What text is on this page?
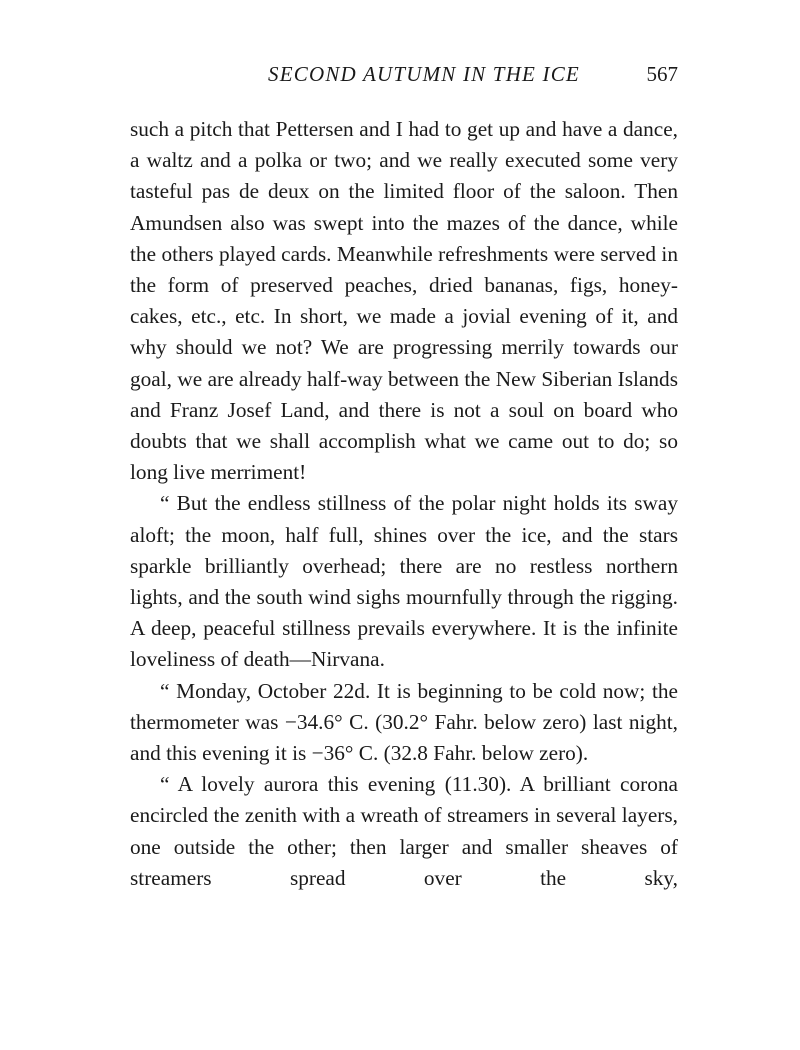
SECOND AUTUMN IN THE ICE	567

such a pitch that Pettersen and I had to get up and have a dance, a waltz and a polka or two; and we really executed some very tasteful pas de deux on the limited floor of the saloon. Then Amundsen also was swept into the mazes of the dance, while the others played cards. Meanwhile refreshments were served in the form of preserved peaches, dried bananas, figs, honey-cakes, etc., etc. In short, we made a jovial evening of it, and why should we not? We are progressing merrily towards our goal, we are already half-way between the New Siberian Islands and Franz Josef Land, and there is not a soul on board who doubts that we shall accomplish what we came out to do; so long live merriment!

“ But the endless stillness of the polar night holds its sway aloft; the moon, half full, shines over the ice, and the stars sparkle brilliantly overhead; there are no restless northern lights, and the south wind sighs mournfully through the rigging. A deep, peaceful stillness prevails everywhere. It is the infinite loveliness of death—Nirvana.

“ Monday, October 22d. It is beginning to be cold now; the thermometer was −34.6° C. (30.2° Fahr. below zero) last night, and this evening it is −36° C. (32.8 Fahr. below zero).

“ A lovely aurora this evening (11.30). A brilliant corona encircled the zenith with a wreath of streamers in several layers, one outside the other; then larger and smaller sheaves of streamers spread over the sky,
